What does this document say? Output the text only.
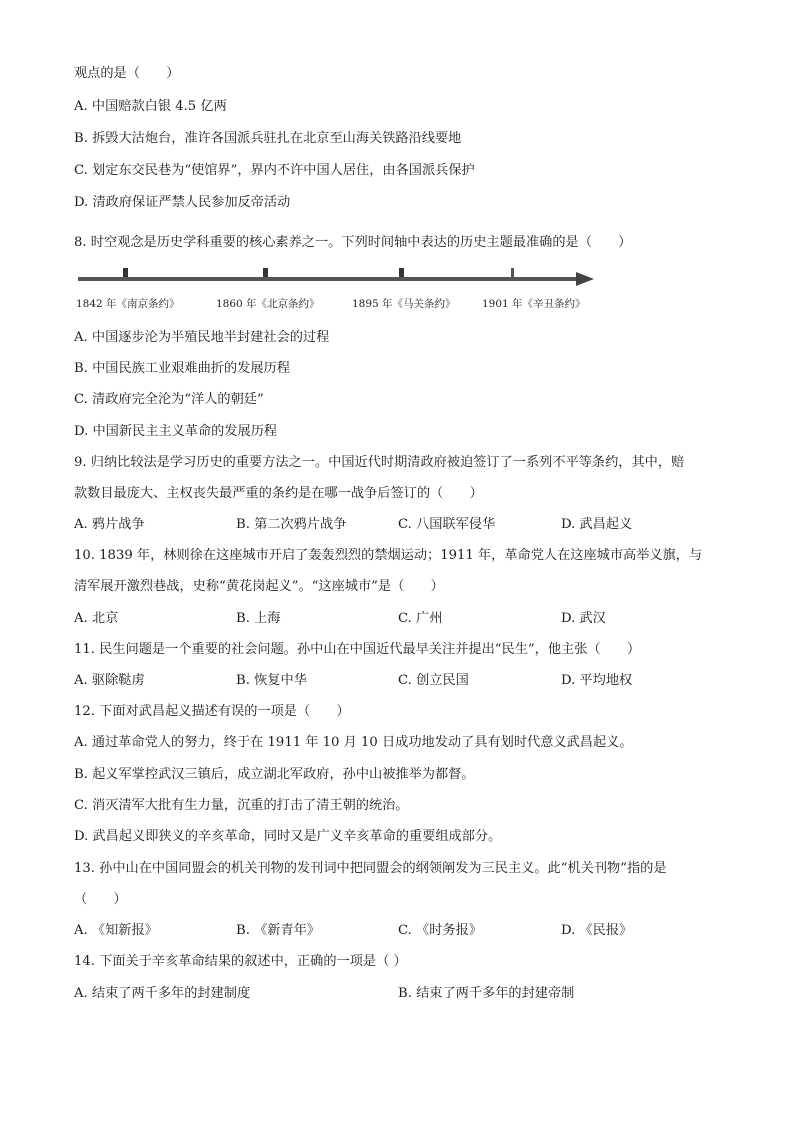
观点的是（　　）
A. 中国赔款白银 4.5 亿两
B. 拆毁大沽炮台，准许各国派兵驻扎在北京至山海关铁路沿线要地
C. 划定东交民巷为“使馆界”，界内不许中国人居住，由各国派兵保护
D. 清政府保证严禁人民参加反帝活动
8. 时空观念是历史学科重要的核心素养之一。下列时间轴中表达的历史主题最准确的是（　　）
1842 年《南京条约》	1860 年《北京条约》	1895 年《马关条约》	1901 年《辛丑条约》
A. 中国逐步沦为半殖民地半封建社会的过程
B. 中国民族工业艰难曲折的发展历程
C. 清政府完全沦为“洋人的朝廷”
D. 中国新民主主义革命的发展历程
9. 归纳比较法是学习历史的重要方法之一。中国近代时期清政府被迫签订了一系列不平等条约，其中，赔
款数目最庞大、主权丧失最严重的条约是在哪一战争后签订的（　　）
A. 鸦片战争	B. 第二次鸦片战争	C. 八国联军侵华	D. 武昌起义
10. 1839 年，林则徐在这座城市开启了轰轰烈烈的禁烟运动；1911 年，革命党人在这座城市高举义旗，与
清军展开激烈巷战，史称“黄花岗起义”。“这座城市”是（　　）
A. 北京	B. 上海	C. 广州	D. 武汉
11. 民生问题是一个重要的社会问题。孙中山在中国近代最早关注并提出“民生”，他主张（　　）
A. 驱除鞑虏	B. 恢复中华	C. 创立民国	D. 平均地权
12. 下面对武昌起义描述有误的一项是（　　）
A. 通过革命党人的努力，终于在 1911 年 10 月 10 日成功地发动了具有划时代意义武昌起义。
B. 起义军掌控武汉三镇后，成立湖北军政府，孙中山被推举为都督。
C. 消灭清军大批有生力量，沉重的打击了清王朝的统治。
D. 武昌起义即狭义的辛亥革命，同时又是广义辛亥革命的重要组成部分。
13. 孙中山在中国同盟会的机关刊物的发刊词中把同盟会的纲领阐发为三民主义。此“机关刊物”指的是
（　　）
A. 《知新报》	B. 《新青年》	C. 《时务报》	D. 《民报》
14. 下面关于辛亥革命结果的叙述中，正确的一项是（ ）
A. 结束了两千多年的封建制度	B. 结束了两千多年的封建帝制
